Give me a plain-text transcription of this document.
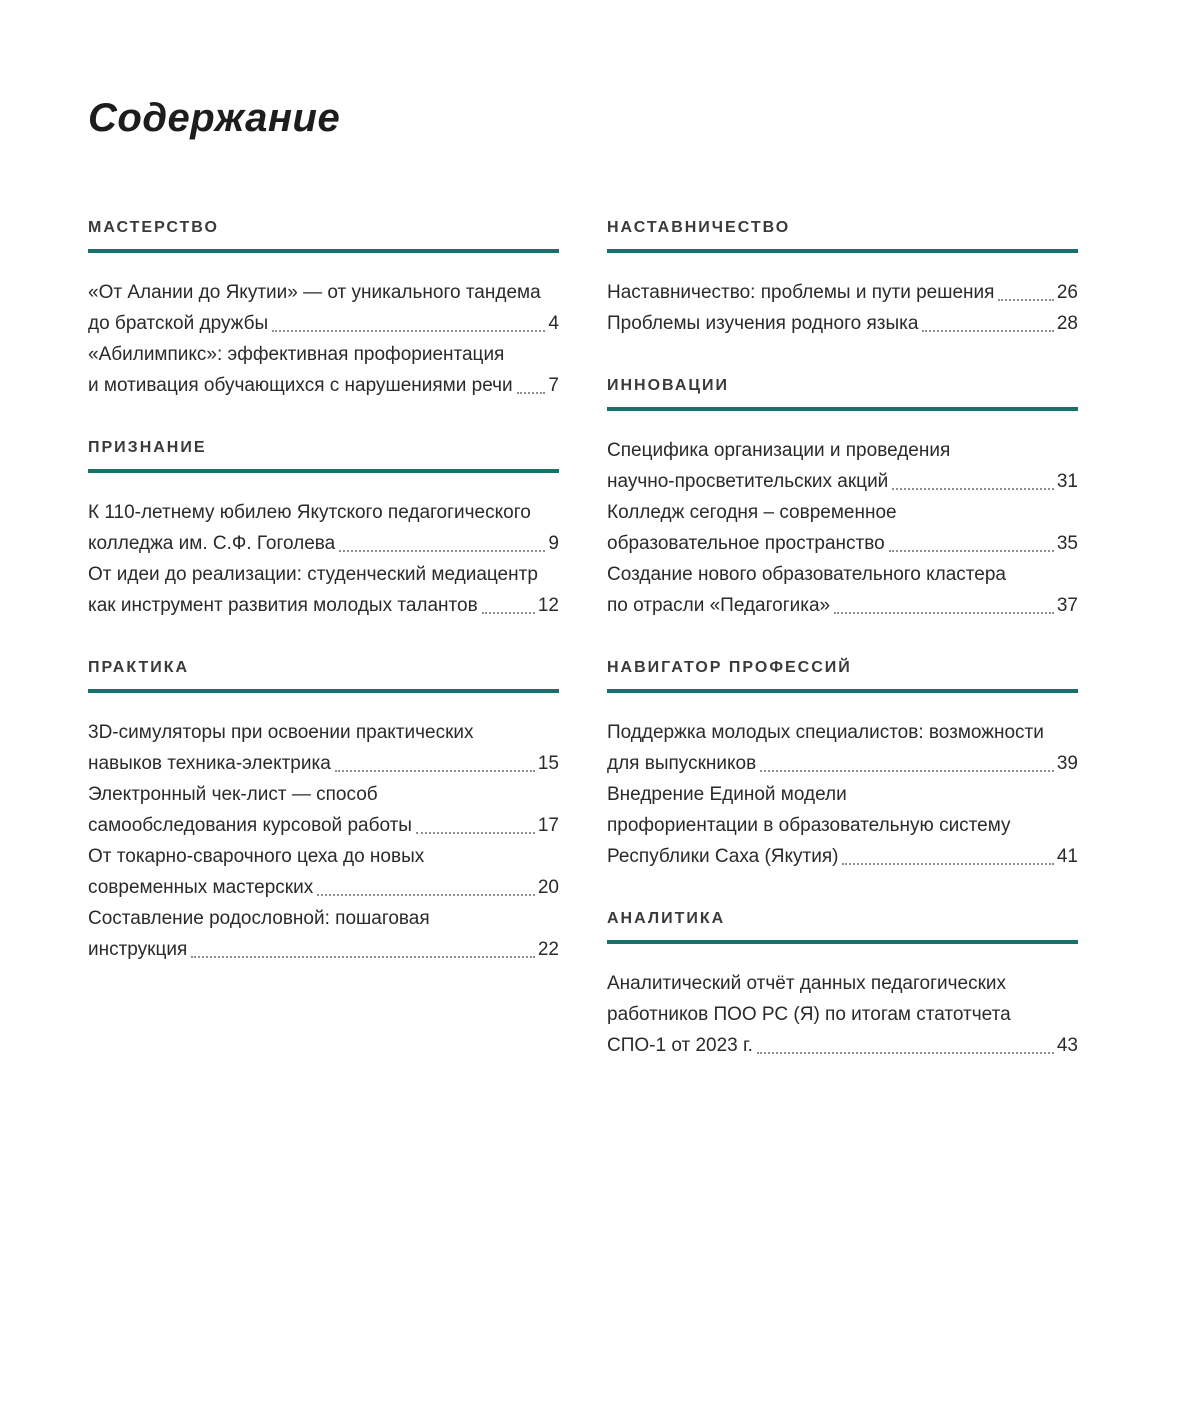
Содержание
МАСТЕРСТВО
«От Алании до Якутии» — от уникального тандема
до братской дружбы	4
«Абилимпикс»: эффективная профориентация
и мотивация обучающихся с нарушениями речи 7
ПРИЗНАНИЕ
К 110-летнему юбилею Якутского педагогического
колледжа им. С.Ф. Гоголева	9
От идеи до реализации: студенческий медиацентр
как инструмент развития молодых талантов	12
ПРАКТИКА
3D-симуляторы при освоении практических
навыков техника-электрика	15
Электронный чек-лист — способ
самообследования курсовой работы	17
От токарно-сварочного цеха до новых
современных мастерских	20
Составление родословной: пошаговая
инструкция	22
НАСТАВНИЧЕСТВО
Наставничество: проблемы и пути решения	26
Проблемы изучения родного языка	28
ИННОВАЦИИ
Специфика организации и проведения
научно-просветительских акций	31
Колледж сегодня – современное
образовательное пространство	35
Создание нового образовательного кластера
по отрасли «Педагогика»	37
НАВИГАТОР ПРОФЕССИЙ
Поддержка молодых специалистов: возможности
для выпускников	39
Внедрение Единой модели
профориентации в образовательную систему
Республики Саха (Якутия)	41
АНАЛИТИКА
Аналитический отчёт данных педагогических
работников ПОО РС (Я) по итогам статотчета
СПО-1 от 2023 г.	43
